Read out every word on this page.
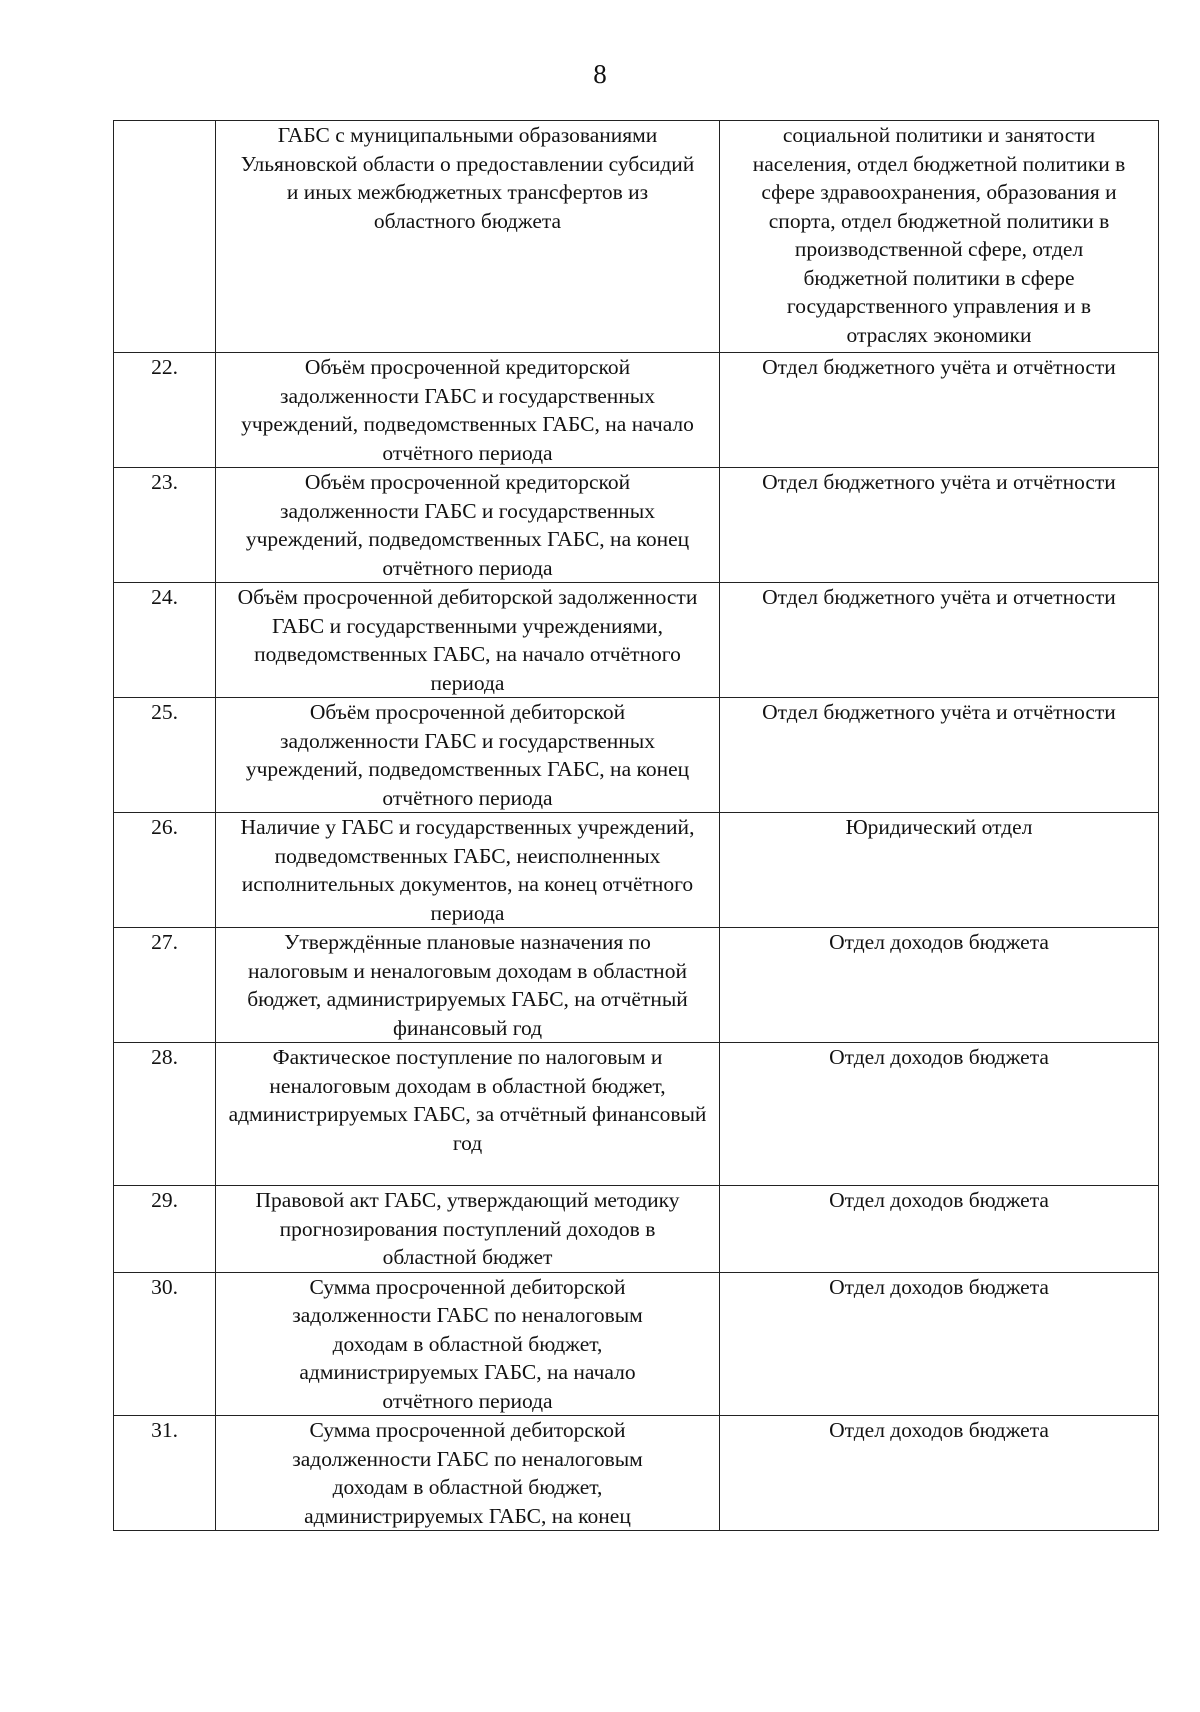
8
	ГАБС с муниципальными образованиями Ульяновской области о предоставлении субсидий и иных межбюджетных трансфертов из областного бюджета	социальной политики и занятости населения, отдел бюджетной политики в сфере здравоохранения, образования и спорта, отдел бюджетной политики в производственной сфере, отдел бюджетной политики в сфере государственного управления и в отраслях экономики
22.	Объём просроченной кредиторской задолженности ГАБС и государственных учреждений, подведомственных ГАБС, на начало отчётного периода	Отдел бюджетного учёта и отчётности
23.	Объём просроченной кредиторской задолженности ГАБС и государственных учреждений, подведомственных ГАБС, на конец отчётного периода	Отдел бюджетного учёта и отчётности
24.	Объём просроченной дебиторской задолженности ГАБС и государственными учреждениями, подведомственных ГАБС, на начало отчётного периода	Отдел бюджетного учёта и отчетности
25.	Объём просроченной дебиторской задолженности ГАБС и государственных учреждений, подведомственных ГАБС, на конец отчётного периода	Отдел бюджетного учёта и отчётности
26.	Наличие у ГАБС и государственных учреждений, подведомственных ГАБС, неисполненных исполнительных документов, на конец отчётного периода	Юридический отдел
27.	Утверждённые плановые назначения по налоговым и неналоговым доходам в областной бюджет, администрируемых ГАБС, на отчётный финансовый год	Отдел доходов бюджета
28.	Фактическое поступление по налоговым и неналоговым доходам в областной бюджет, администрируемых ГАБС, за отчётный финансовый год	Отдел доходов бюджета
29.	Правовой акт ГАБС, утверждающий методику прогнозирования поступлений доходов в областной бюджет	Отдел доходов бюджета
30.	Сумма просроченной дебиторской задолженности ГАБС по неналоговым доходам в областной бюджет, администрируемых ГАБС, на начало отчётного периода	Отдел доходов бюджета
31.	Сумма просроченной дебиторской задолженности ГАБС по неналоговым доходам в областной бюджет, администрируемых ГАБС, на конец	Отдел доходов бюджета
